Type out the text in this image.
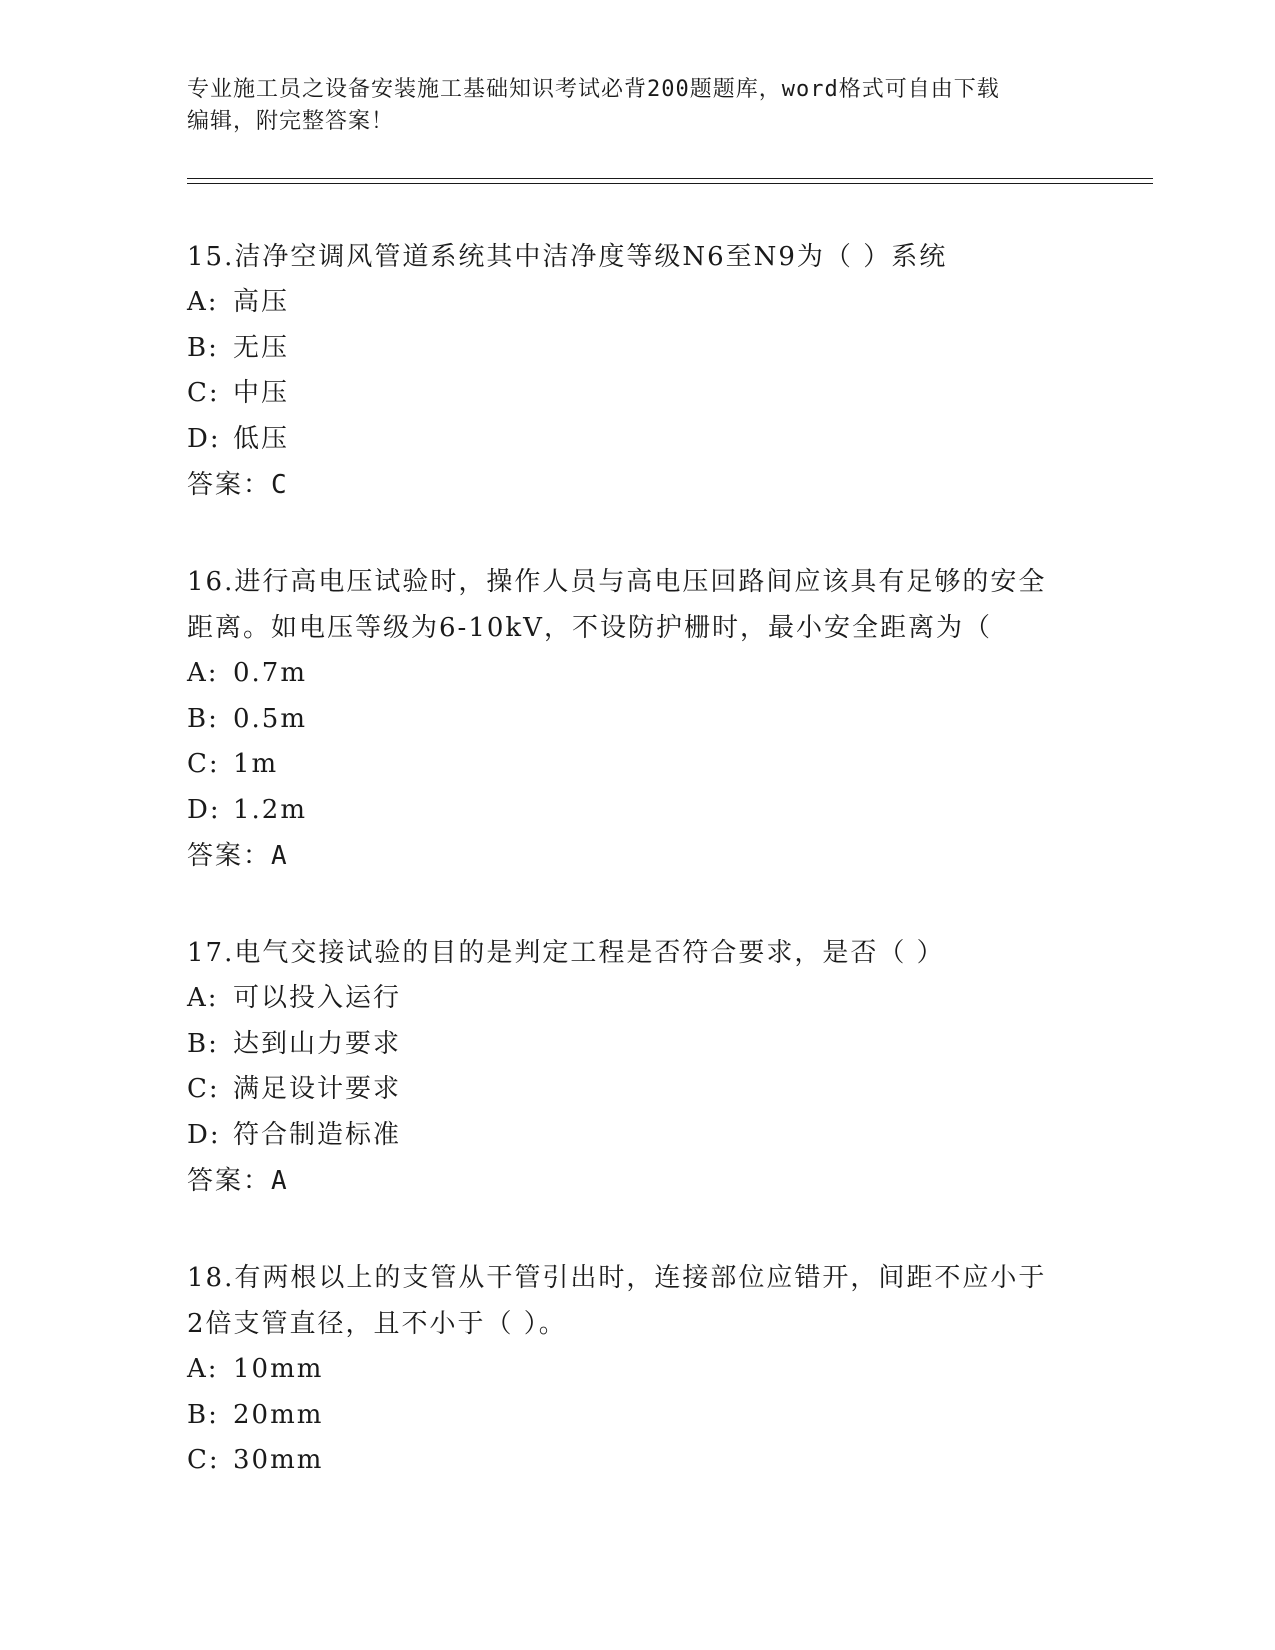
专业施工员之设备安装施工基础知识考试必背200题题库，word格式可自由下载
编辑，附完整答案！
15.洁净空调风管道系统其中洁净度等级N6至N9为（ ）系统
A: 高压
B: 无压
C: 中压
D: 低压
答案：C
16.进行高电压试验时，操作人员与高电压回路间应该具有足够的安全
距离。如电压等级为6-10kV，不设防护栅时，最小安全距离为（
A: 0.7m
B: 0.5m
C: 1m
D: 1.2m
答案：A
17.电气交接试验的目的是判定工程是否符合要求，是否（ ）
A: 可以投入运行
B: 达到山力要求
C: 满足设计要求
D: 符合制造标准
答案：A
18.有两根以上的支管从干管引出时，连接部位应错开，间距不应小于
2倍支管直径，且不小于（ ）。
A: 10mm
B: 20mm
C: 30mm
